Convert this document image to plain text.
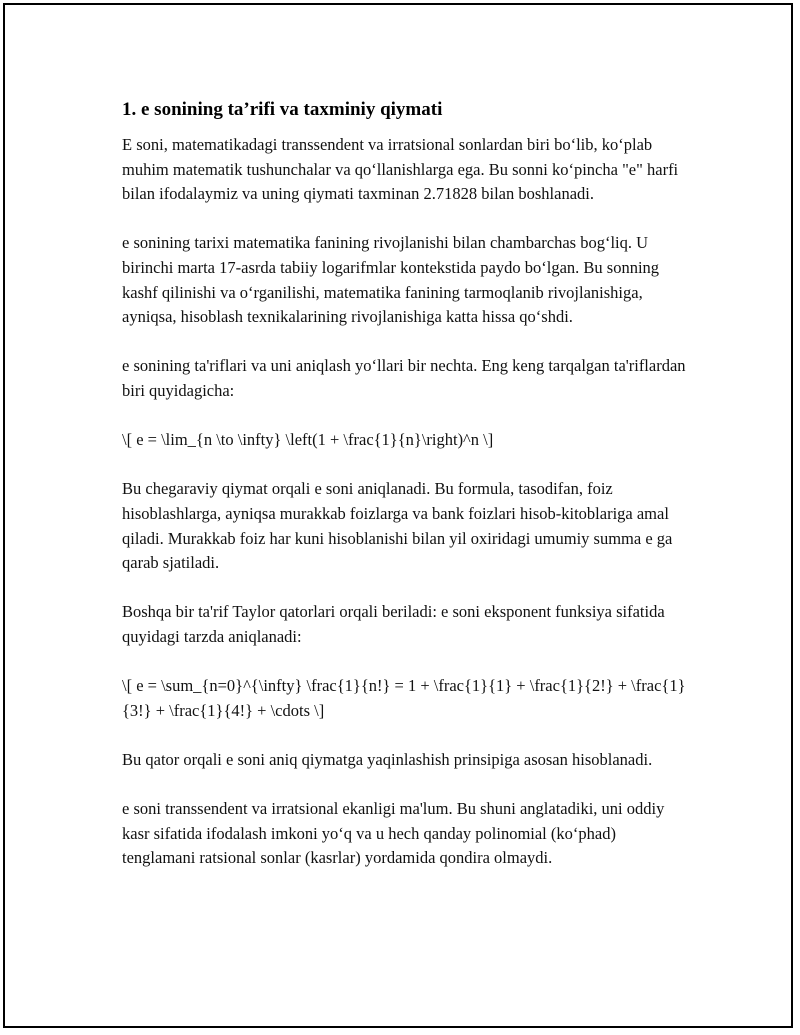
1. e sonining ta’rifi va taxminiy qiymati

E soni, matematikadagi transsendent va irratsional sonlardan biri bo‘lib, ko‘plab muhim matematik tushunchalar va qo‘llanishlarga ega. Bu sonni ko‘pincha "e" harfi bilan ifodalaymiz va uning qiymati taxminan 2.71828 bilan boshlanadi.

e sonining tarixi matematika fanining rivojlanishi bilan chambarchas bog‘liq. U birinchi marta 17-asrda tabiiy logarifmlar kontekstida paydo bo‘lgan. Bu sonning kashf qilinishi va o‘rganilishi, matematika fanining tarmoqlanib rivojlanishiga, ayniqsa, hisoblash texnikalarining rivojlanishiga katta hissa qo‘shdi.

e sonining ta'riflari va uni aniqlash yo‘llari bir nechta. Eng keng tarqalgan ta'riflardan biri quyidagicha:

\[ e = \lim_{n \to \infty} \left(1 + \frac{1}{n}\right)^n \]

Bu chegaraviy qiymat orqali e soni aniqlanadi. Bu formula, tasodifan, foiz hisoblashlarga, ayniqsa murakkab foizlarga va bank foizlari hisob-kitoblariga amal qiladi. Murakkab foiz har kuni hisoblanishi bilan yil oxiridagi umumiy summa e ga qarab sjatiladi.

Boshqa bir ta'rif Taylor qatorlari orqali beriladi: e soni eksponent funksiya sifatida quyidagi tarzda aniqlanadi:

\[ e = \sum_{n=0}^{\infty} \frac{1}{n!} = 1 + \frac{1}{1} + \frac{1}{2!} + \frac{1}{3!} + \frac{1}{4!} + \cdots \]

Bu qator orqali e soni aniq qiymatga yaqinlashish prinsipiga asosan hisoblanadi.

e soni transsendent va irratsional ekanligi ma'lum. Bu shuni anglatadiki, uni oddiy kasr sifatida ifodalash imkoni yo‘q va u hech qanday polinomial (ko‘phad) tenglamani ratsional sonlar (kasrlar) yordamida qondira olmaydi.
